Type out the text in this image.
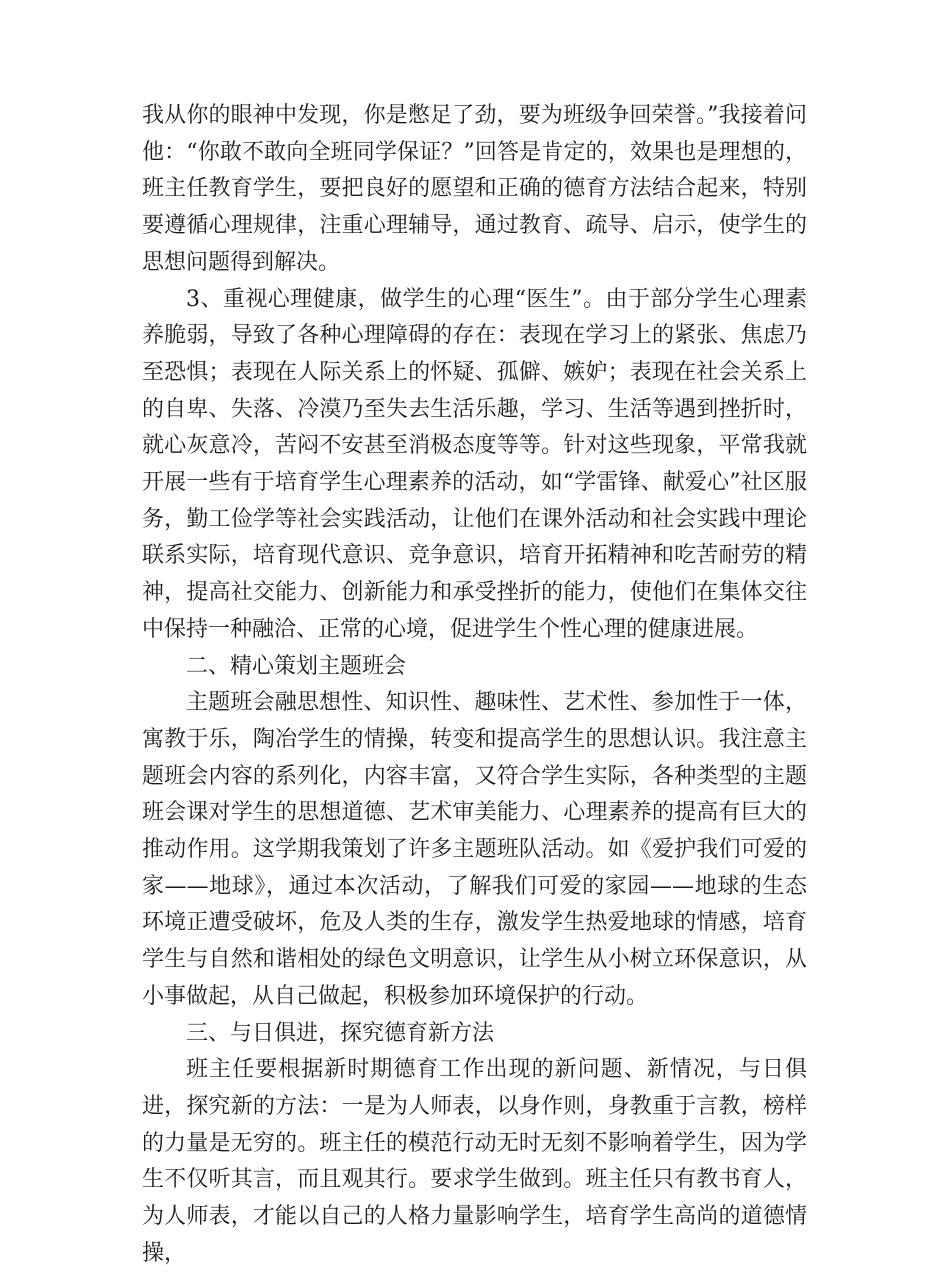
我从你的眼神中发现，你是憋足了劲，要为班级争回荣誉。”我接着问他：“你敢不敢向全班同学保证？”回答是肯定的，效果也是理想的，班主任教育学生，要把良好的愿望和正确的德育方法结合起来，特别要遵循心理规律，注重心理辅导，通过教育、疏导、启示，使学生的思想问题得到解决。

3、重视心理健康，做学生的心理“医生”。由于部分学生心理素养脆弱，导致了各种心理障碍的存在：表现在学习上的紧张、焦虑乃至恐惧；表现在人际关系上的怀疑、孤僻、嫉妒；表现在社会关系上的自卑、失落、冷漠乃至失去生活乐趣，学习、生活等遇到挫折时，就心灰意冷，苦闷不安甚至消极态度等等。针对这些现象，平常我就开展一些有于培育学生心理素养的活动，如“学雷锋、献爱心”社区服务，勤工俭学等社会实践活动，让他们在课外活动和社会实践中理论联系实际，培育现代意识、竞争意识，培育开拓精神和吃苦耐劳的精神，提高社交能力、创新能力和承受挫折的能力，使他们在集体交往中保持一种融洽、正常的心境，促进学生个性心理的健康进展。

二、精心策划主题班会

主题班会融思想性、知识性、趣味性、艺术性、参加性于一体，寓教于乐，陶冶学生的情操，转变和提高学生的思想认识。我注意主题班会内容的系列化，内容丰富，又符合学生实际，各种类型的主题班会课对学生的思想道德、艺术审美能力、心理素养的提高有巨大的推动作用。这学期我策划了许多主题班队活动。如《爱护我们可爱的家——地球》，通过本次活动，了解我们可爱的家园——地球的生态环境正遭受破坏，危及人类的生存，激发学生热爱地球的情感，培育学生与自然和谐相处的绿色文明意识，让学生从小树立环保意识，从小事做起，从自己做起，积极参加环境保护的行动。

三、与日俱进，探究德育新方法

班主任要根据新时期德育工作出现的新问题、新情况，与日俱进，探究新的方法：一是为人师表，以身作则，身教重于言教，榜样的力量是无穷的。班主任的模范行动无时无刻不影响着学生，因为学生不仅听其言，而且观其行。要求学生做到。班主任只有教书育人，为人师表，才能以自己的人格力量影响学生，培育学生高尚的道德情操，
